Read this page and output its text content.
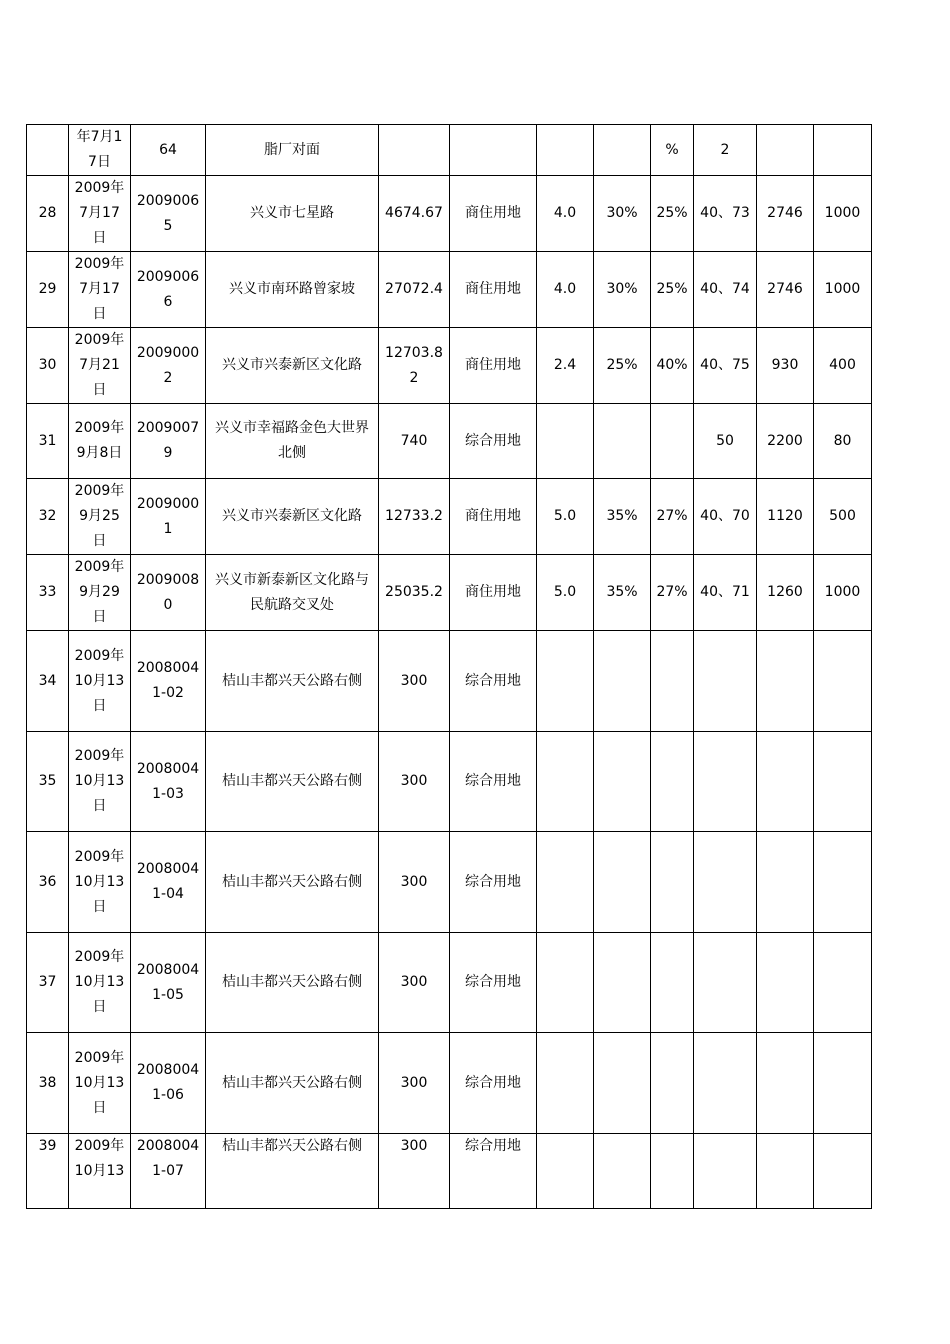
	年7月17日	64	脂厂对面					%	2		
28	2009年7月17日	20090065	兴义市七星路	4674.67	商住用地	4.0	30%	25%	40、73	2746	1000
29	2009年7月17日	20090066	兴义市南环路曾家坡	27072.4	商住用地	4.0	30%	25%	40、74	2746	1000
30	2009年7月21日	20090002	兴义市兴泰新区文化路	12703.82	商住用地	2.4	25%	40%	40、75	930	400
31	2009年9月8日	20090079	兴义市幸福路金色大世界北侧	740	综合用地				50	2200	80
32	2009年9月25日	20090001	兴义市兴泰新区文化路	12733.2	商住用地	5.0	35%	27%	40、70	1120	500
33	2009年9月29日	20090080	兴义市新泰新区文化路与民航路交叉处	25035.2	商住用地	5.0	35%	27%	40、71	1260	1000
34	2009年10月13日	20080041-02	桔山丰都兴天公路右侧	300	综合用地						
35	2009年10月13日	20080041-03	桔山丰都兴天公路右侧	300	综合用地						
36	2009年10月13日	20080041-04	桔山丰都兴天公路右侧	300	综合用地						
37	2009年10月13日	20080041-05	桔山丰都兴天公路右侧	300	综合用地						
38	2009年10月13日	20080041-06	桔山丰都兴天公路右侧	300	综合用地						
39	2009年10月13	20080041-07	桔山丰都兴天公路右侧	300	综合用地						
